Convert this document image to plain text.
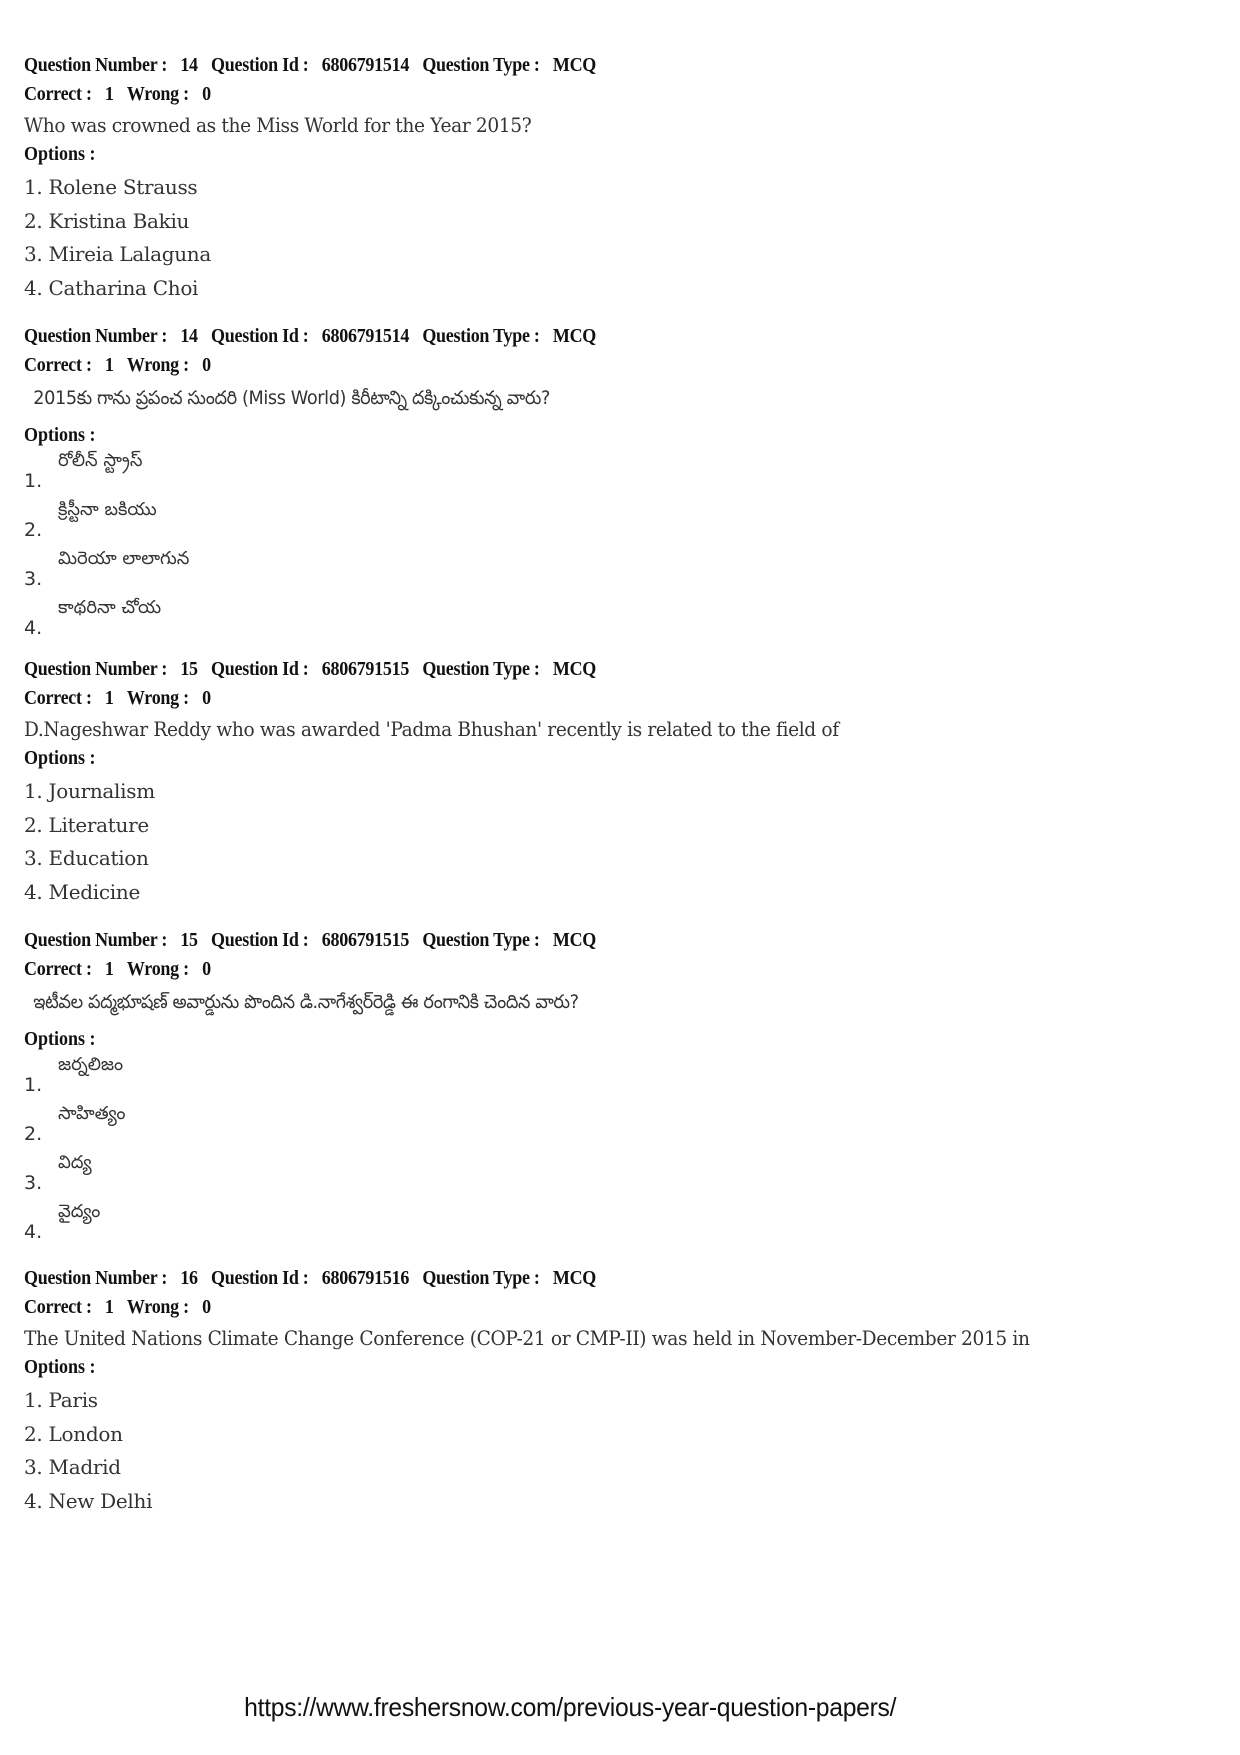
Question Number : 14 Question Id : 6806791514 Question Type : MCQ
Correct : 1 Wrong : 0
Who was crowned as the Miss World for the Year 2015?
Options :
1. Rolene Strauss
2. Kristina Bakiu
3. Mireia Lalaguna
4. Catharina Choi
Question Number : 14 Question Id : 6806791514 Question Type : MCQ
Correct : 1 Wrong : 0
2015కు గాను ప్రపంచ సుందరి (Miss World) కిరీటాన్ని దక్కించుకున్న వారు?
Options :
1.
రోలీన్ స్ట్రాస్
2.
క్రిస్టీనా బకియు
3.
మిరెయా లాలాగున
4.
కాథరినా చోయ
Question Number : 15 Question Id : 6806791515 Question Type : MCQ
Correct : 1 Wrong : 0
D.Nageshwar Reddy who was awarded 'Padma Bhushan' recently is related to the field of
Options :
1. Journalism
2. Literature
3. Education
4. Medicine
Question Number : 15 Question Id : 6806791515 Question Type : MCQ
Correct : 1 Wrong : 0
ఇటీవల పద్మభూషణ్ అవార్డును పొందిన డి.నాగేశ్వర్‌రెడ్డి ఈ రంగానికి చెందిన వారు?
Options :
1.
జర్నలిజం
2.
సాహిత్యం
3.
విద్య
4.
వైద్యం
Question Number : 16 Question Id : 6806791516 Question Type : MCQ
Correct : 1 Wrong : 0
The United Nations Climate Change Conference (COP-21 or CMP-II) was held in November-December 2015 in
Options :
1. Paris
2. London
3. Madrid
4. New Delhi
https://www.freshersnow.com/previous-year-question-papers/
